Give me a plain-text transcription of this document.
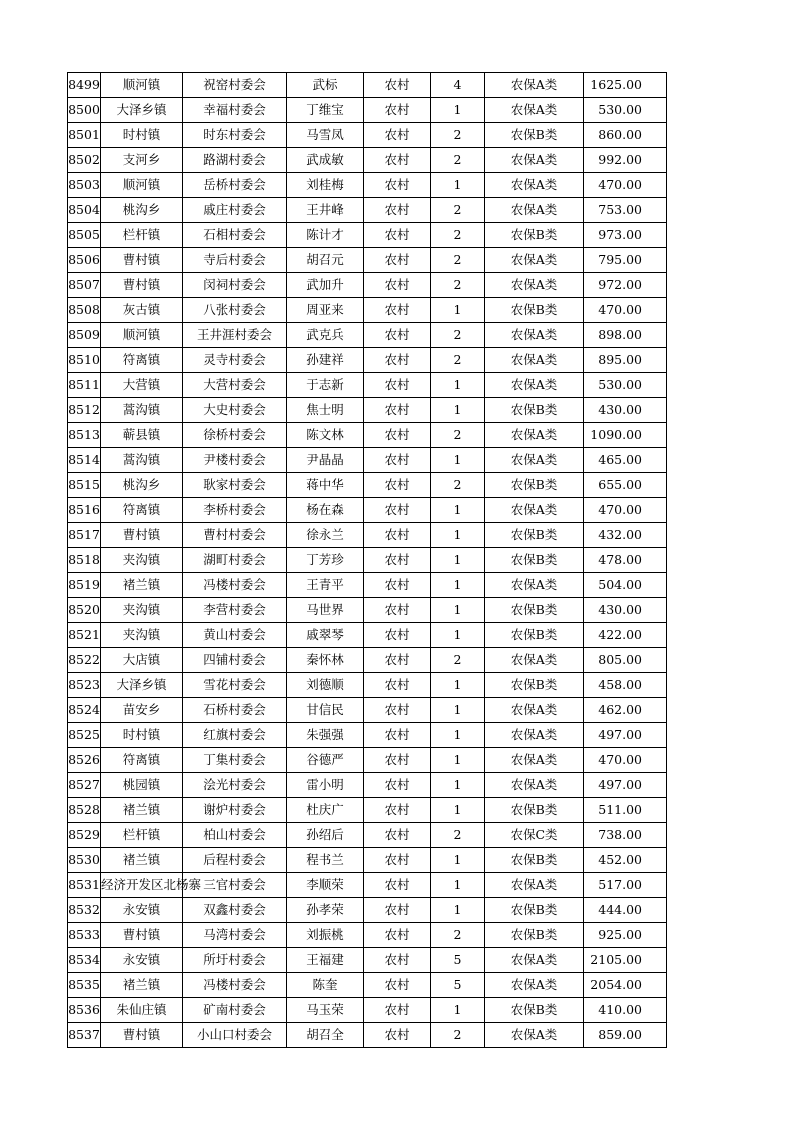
8499	顺河镇	祝窑村委会	武标	农村	4	农保A类	1625.00
8500	大泽乡镇	幸福村委会	丁维宝	农村	1	农保A类	530.00
8501	时村镇	时东村委会	马雪凤	农村	2	农保B类	860.00
8502	支河乡	路湖村委会	武成敏	农村	2	农保A类	992.00
8503	顺河镇	岳桥村委会	刘桂梅	农村	1	农保A类	470.00
8504	桃沟乡	戚庄村委会	王井峰	农村	2	农保A类	753.00
8505	栏杆镇	石相村委会	陈计才	农村	2	农保B类	973.00
8506	曹村镇	寺后村委会	胡召元	农村	2	农保A类	795.00
8507	曹村镇	闵祠村委会	武加升	农村	2	农保A类	972.00
8508	灰古镇	八张村委会	周亚来	农村	1	农保B类	470.00
8509	顺河镇	王井涯村委会	武克兵	农村	2	农保A类	898.00
8510	符离镇	灵寺村委会	孙建祥	农村	2	农保A类	895.00
8511	大营镇	大营村委会	于志新	农村	1	农保A类	530.00
8512	蒿沟镇	大史村委会	焦士明	农村	1	农保B类	430.00
8513	蕲县镇	徐桥村委会	陈文林	农村	2	农保A类	1090.00
8514	蒿沟镇	尹楼村委会	尹晶晶	农村	1	农保A类	465.00
8515	桃沟乡	耿家村委会	蒋中华	农村	2	农保B类	655.00
8516	符离镇	李桥村委会	杨在森	农村	1	农保A类	470.00
8517	曹村镇	曹村村委会	徐永兰	农村	1	农保B类	432.00
8518	夹沟镇	湖町村委会	丁芳珍	农村	1	农保B类	478.00
8519	褚兰镇	冯楼村委会	王青平	农村	1	农保A类	504.00
8520	夹沟镇	李营村委会	马世界	农村	1	农保B类	430.00
8521	夹沟镇	黄山村委会	戚翠琴	农村	1	农保B类	422.00
8522	大店镇	四铺村委会	秦怀林	农村	2	农保A类	805.00
8523	大泽乡镇	雪花村委会	刘德顺	农村	1	农保B类	458.00
8524	苗安乡	石桥村委会	甘信民	农村	1	农保A类	462.00
8525	时村镇	红旗村委会	朱强强	农村	1	农保A类	497.00
8526	符离镇	丁集村委会	谷德严	农村	1	农保A类	470.00
8527	桃园镇	浍光村委会	雷小明	农村	1	农保A类	497.00
8528	褚兰镇	谢炉村委会	杜庆广	农村	1	农保B类	511.00
8529	栏杆镇	柏山村委会	孙绍后	农村	2	农保C类	738.00
8530	褚兰镇	后程村委会	程书兰	农村	1	农保B类	452.00
8531	经济开发区北杨寨	三官村委会	李顺荣	农村	1	农保A类	517.00
8532	永安镇	双鑫村委会	孙孝荣	农村	1	农保B类	444.00
8533	曹村镇	马湾村委会	刘振桃	农村	2	农保B类	925.00
8534	永安镇	所圩村委会	王福建	农村	5	农保A类	2105.00
8535	褚兰镇	冯楼村委会	陈奎	农村	5	农保A类	2054.00
8536	朱仙庄镇	矿南村委会	马玉荣	农村	1	农保B类	410.00
8537	曹村镇	小山口村委会	胡召全	农村	2	农保A类	859.00
